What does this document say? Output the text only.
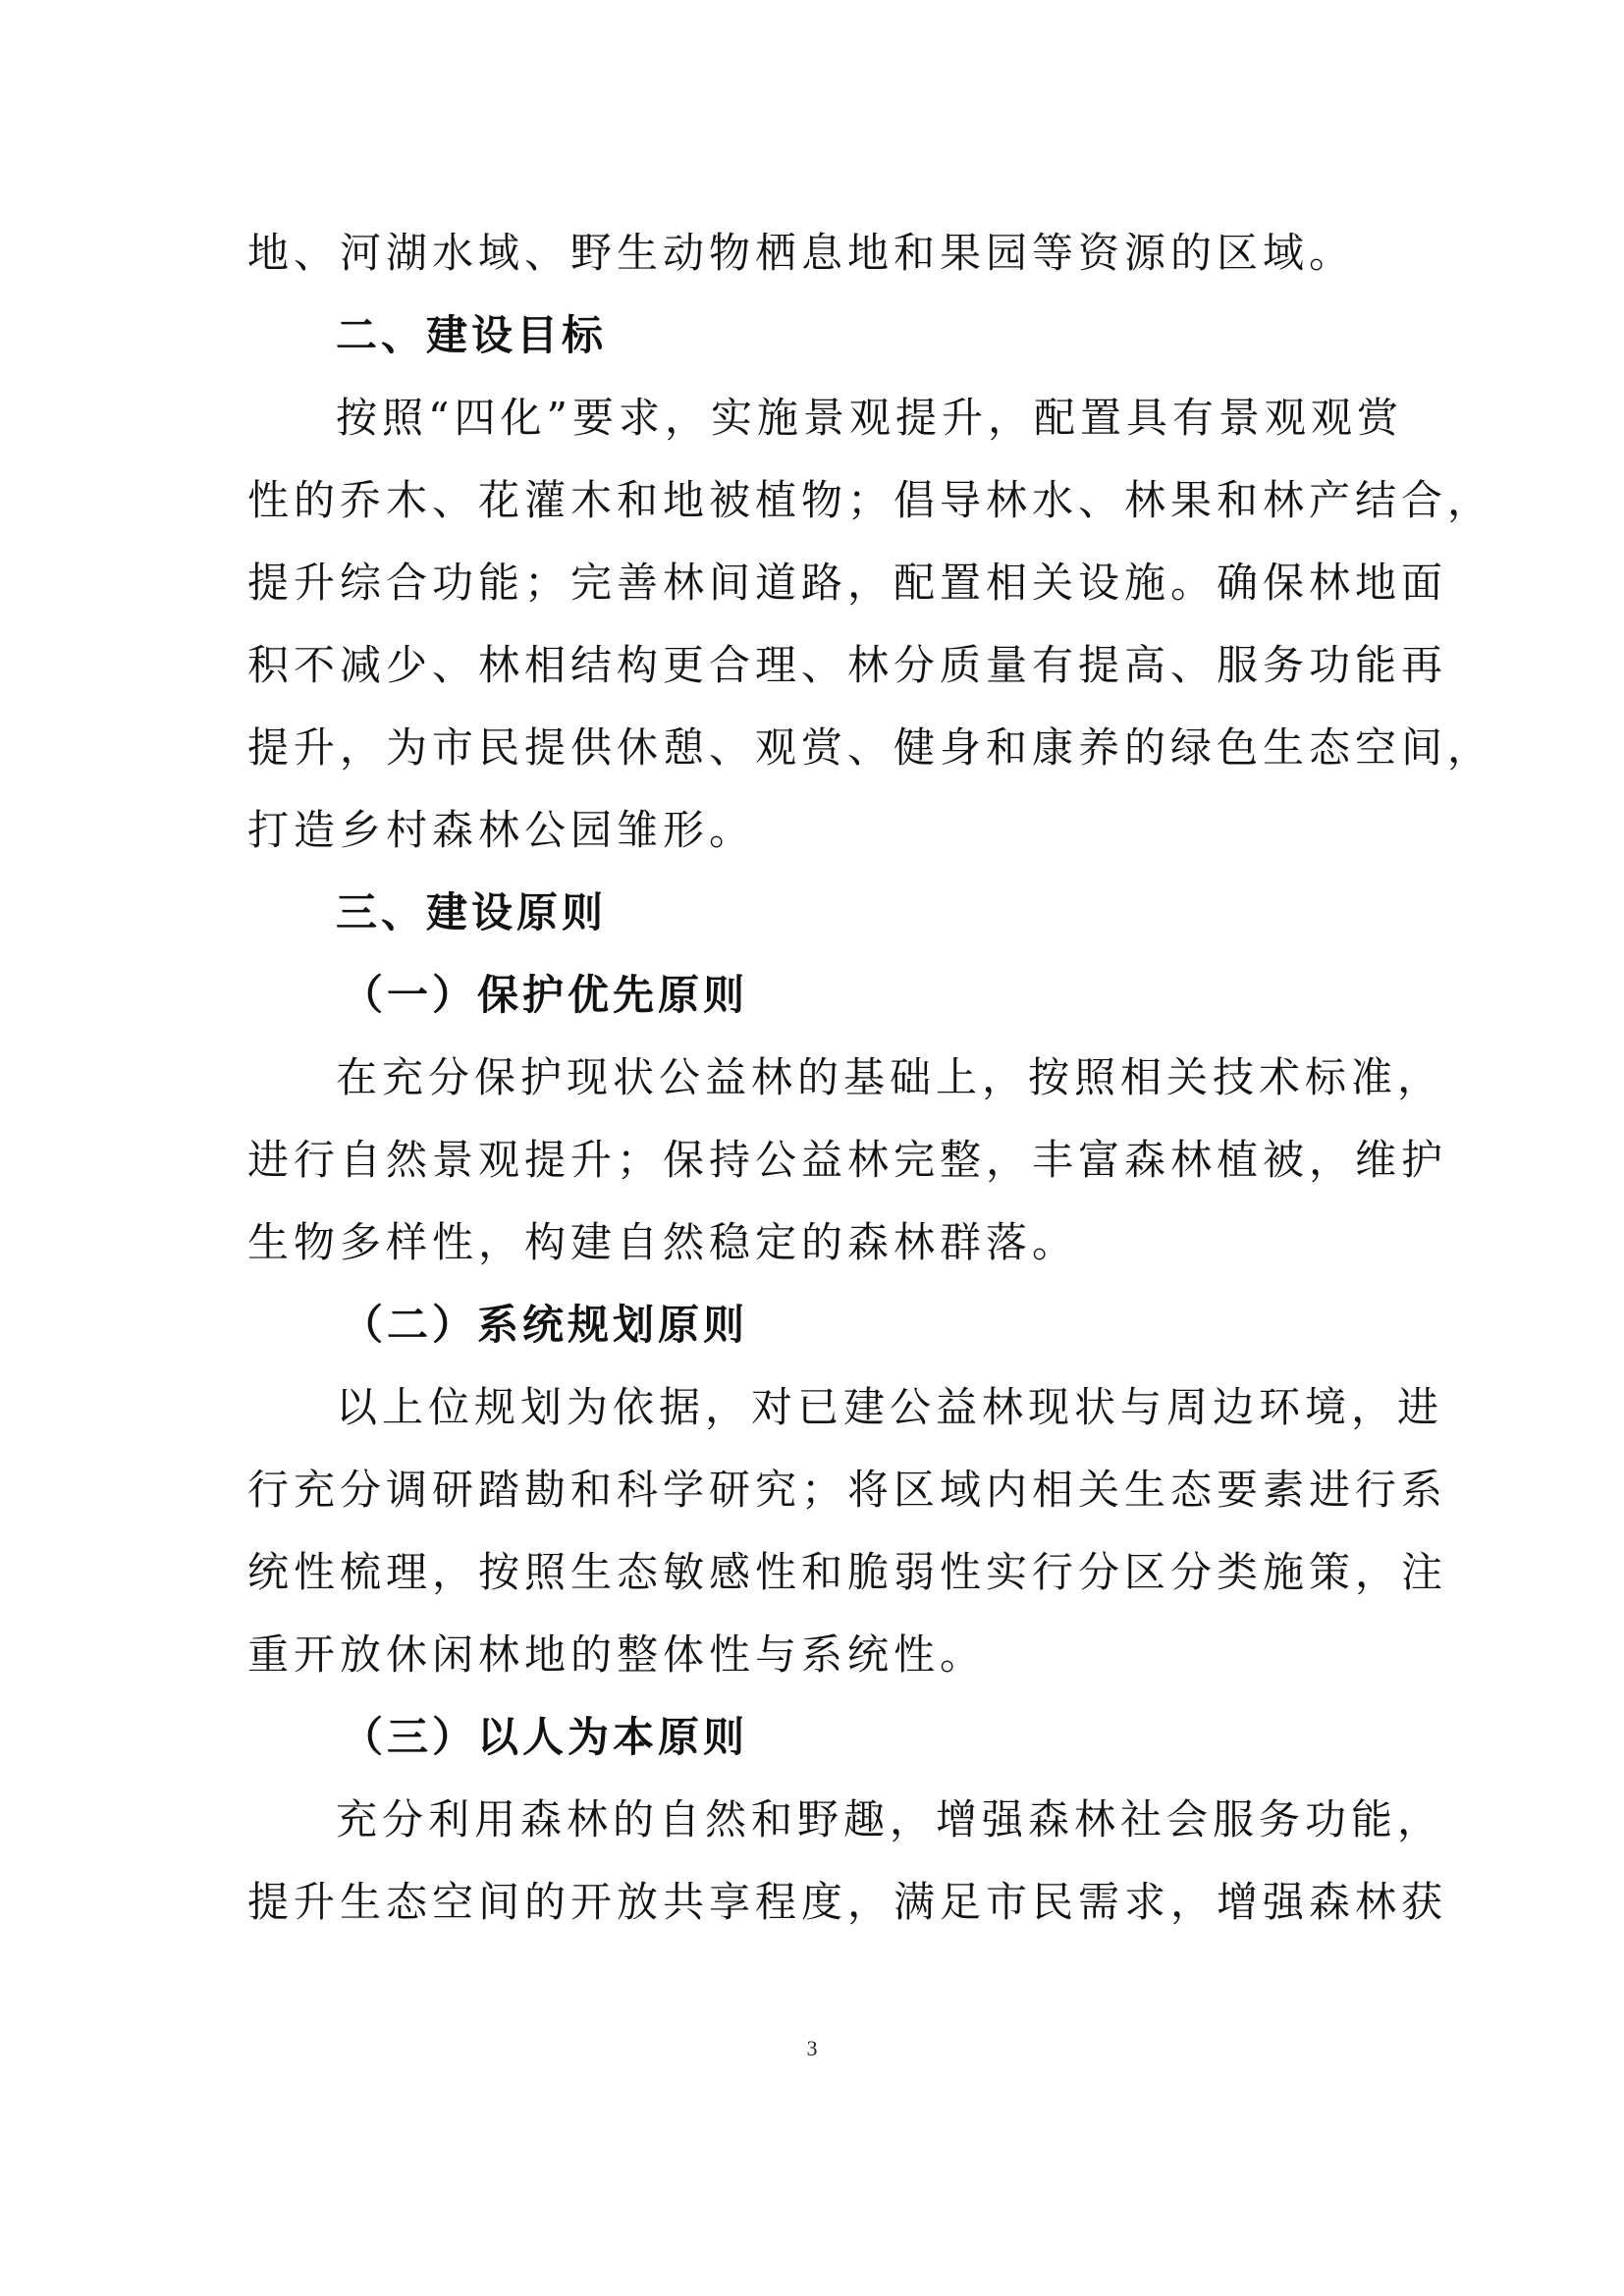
地、河湖水域、野生动物栖息地和果园等资源的区域。
二、建设目标
按照“四化”要求，实施景观提升，配置具有景观观赏
性的乔木、花灌木和地被植物；倡导林水、林果和林产结合，
提升综合功能；完善林间道路，配置相关设施。确保林地面
积不减少、林相结构更合理、林分质量有提高、服务功能再
提升，为市民提供休憩、观赏、健身和康养的绿色生态空间，
打造乡村森林公园雏形。
三、建设原则
（一）保护优先原则
在充分保护现状公益林的基础上，按照相关技术标准，
进行自然景观提升；保持公益林完整，丰富森林植被，维护
生物多样性，构建自然稳定的森林群落。
（二）系统规划原则
以上位规划为依据，对已建公益林现状与周边环境，进
行充分调研踏勘和科学研究；将区域内相关生态要素进行系
统性梳理，按照生态敏感性和脆弱性实行分区分类施策，注
重开放休闲林地的整体性与系统性。
（三）以人为本原则
充分利用森林的自然和野趣，增强森林社会服务功能，
提升生态空间的开放共享程度，满足市民需求，增强森林获
3
